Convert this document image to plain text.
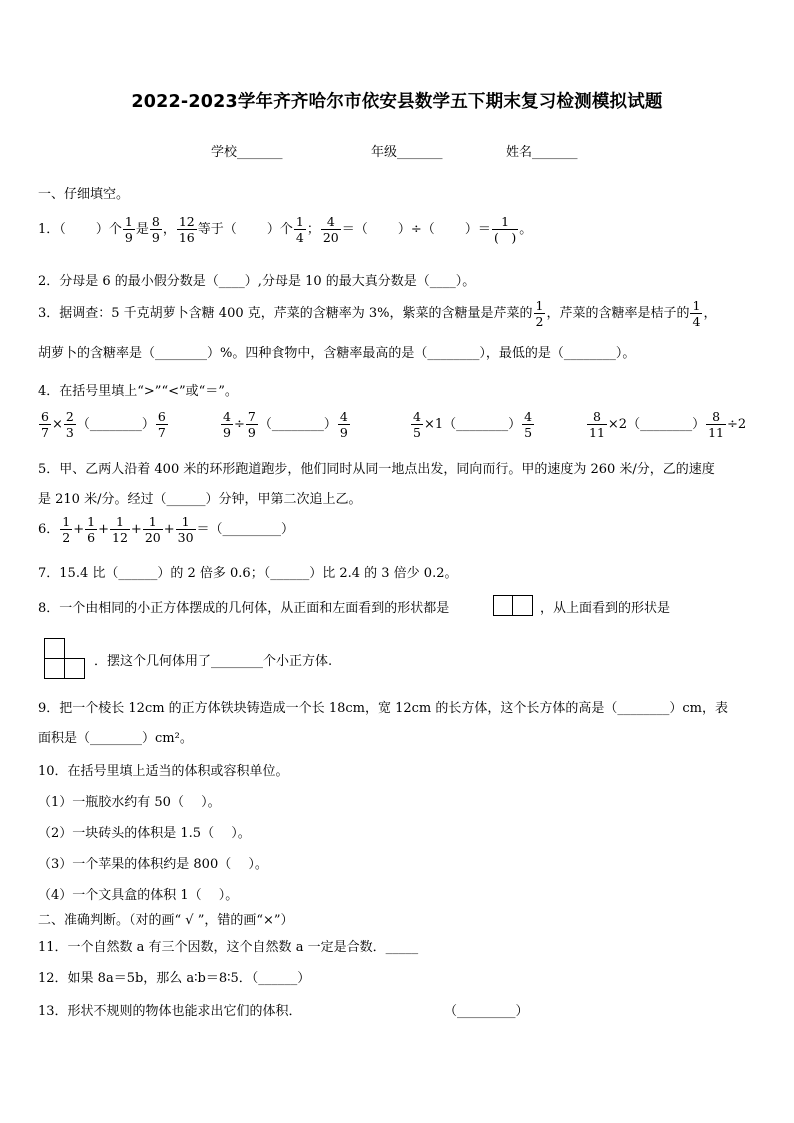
2022-2023学年齐齐哈尔市依安县数学五下期末复习检测模拟试题
学校_______	年级_______	姓名_______
一、仔细填空。
1．（ 　　）个 $\frac{1}{9}$ 是 $\frac{8}{9}$ ， $\frac{12}{16}$ 等于（ 　　）个 $\frac{1}{4}$ ； $\frac{4}{20}$ ＝（ 　　）÷（ 　　）＝ $\frac{1}{( )}$ 。
2．分母是 6 的最小假分数是（____）,分母是 10 的最大真分数是（____）。
3．据调查：5 千克胡萝卜含糖 400 克，芹菜的含糖率为 3%，紫菜的含糖量是芹菜的 $\frac{1}{2}$ ，芹菜的含糖率是桔子的 $\frac{1}{4}$ ，
胡萝卜的含糖率是（________）%。四种食物中，含糖率最高的是（________），最低的是（________）。
4．在括号里填上“>”“<”或“＝”。
$\frac{6}{7} \times \frac{2}{3}$ （________） $\frac{6}{7}$	$\frac{4}{9} \div \frac{7}{9}$ （________） $\frac{4}{9}$	$\frac{4}{5}$ ×1（________） $\frac{4}{5}$	$\frac{8}{11}$ ×2（________） $\frac{8}{11} \div 2$
5．甲、乙两人沿着 400 米的环形跑道跑步，他们同时从同一地点出发，同向而行。甲的速度为 260 米/分，乙的速度
是 210 米/分。经过（______）分钟，甲第二次追上乙。
6． $\frac{1}{2} + \frac{1}{6} + \frac{1}{12} + \frac{1}{20} + \frac{1}{30}$ ＝（_________）
7．15.4 比（______）的 2 倍多 0.6；（______）比 2.4 的 3 倍少 0.2。
8．一个由相同的小正方体摆成的几何体，从正面和左面看到的形状都是	，从上面看到的形状是
．摆这个几何体用了________个小正方体.
9．把一个棱长 12cm 的正方体铁块铸造成一个长 18cm，宽 12cm 的长方体，这个长方体的高是（________）cm，表
面积是（________）cm²。
10．在括号里填上适当的体积或容积单位。
（1）一瓶胶水约有 50（　 ）。
（2）一块砖头的体积是 1.5（　 ）。
（3）一个苹果的体积约是 800（　 ）。
（4）一个文具盒的体积 1（　 ）。
二、准确判断。（对的画“ √ ”，错的画“×”）
11．一个自然数 a 有三个因数，这个自然数 a 一定是合数．_____
12．如果 8a＝5b，那么 a∶b＝8∶5．（______）
13．形状不规则的物体也能求出它们的体积．	（_________）
